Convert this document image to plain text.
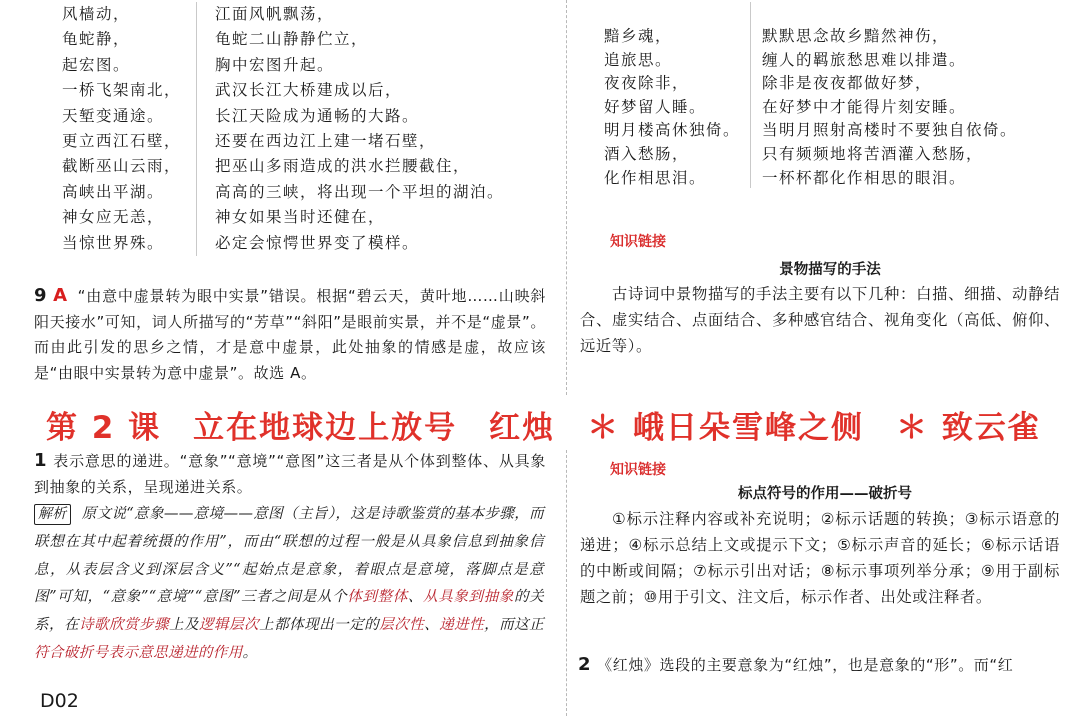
风樯动，	江面风帆飘荡，
龟蛇静，	龟蛇二山静静伫立，
起宏图。	胸中宏图升起。
一桥飞架南北， 武汉长江大桥建成以后，
天堑变通途。	长江天险成为通畅的大路。
更立西江石壁， 还要在西边江上建一堵石壁，
截断巫山云雨， 把巫山多雨造成的洪水拦腰截住，
高峡出平湖。	高高的三峡，将出现一个平坦的湖泊。
神女应无恙，	神女如果当时还健在，
当惊世界殊。	必定会惊愕世界变了模样。

9 A “由意中虚景转为眼中实景”错误。根据“碧云天，黄叶地……山映斜阳天接水”可知，词人所描写的“芳草”“斜阳”是眼前实景，并不是“虚景”。而由此引发的思乡之情，才是意中虚景，此处抽象的情感是虚，故应该是“由眼中实景转为意中虚景”。故选 A。

黯乡魂，	默默思念故乡黯然神伤，
追旅思。	缠人的羁旅愁思难以排遣。
夜夜除非，	除非是夜夜都做好梦，
好梦留人睡。	在好梦中才能得片刻安睡。
明月楼高休独倚。 当明月照射高楼时不要独自依倚。
酒入愁肠，	只有频频地将苦酒灌入愁肠，
化作相思泪。	一杯杯都化作相思的眼泪。
知识链接
景物描写的手法

古诗词中景物描写的手法主要有以下几种：白描、细描、动静结合、虚实结合、点面结合、多种感官结合、视角变化（高低、俯仰、远近等）。

第 2 课 立在地球边上放号 红烛 ＊ 峨日朵雪峰之侧 ＊ 致云雀

1 表示意思的递进。“意象”“意境”“意图”这三者是从个体到整体、从具象到抽象的关系，呈现递进关系。

解析 原文说“意象——意境——意图（主旨），这是诗歌鉴赏的基本步骤，而联想在其中起着统摄的作用”，而由“联想的过程一般是从具象信息到抽象信息，从表层含义到深层含义”“起始点是意象，着眼点是意境，落脚点是意图”可知，“意象”“意境”“意图”三者之间是从个体到整体、从具象到抽象的关系，在诗歌欣赏步骤上及逻辑层次上都体现出一定的层次性、递进性，而这正符合破折号表示意思递进的作用。

知识链接
标点符号的作用——破折号

①标示注释内容或补充说明；②标示话题的转换；③标示语意的递进；④标示总结上文或提示下文；⑤标示声音的延长；⑥标示话语的中断或间隔；⑦标示引出对话；⑧标示事项列举分承；⑨用于副标题之前；⑩用于引文、注文后，标示作者、出处或注释者。

2 《红烛》选段的主要意象为“红烛”，也是意象的“形”。而“红

D02
